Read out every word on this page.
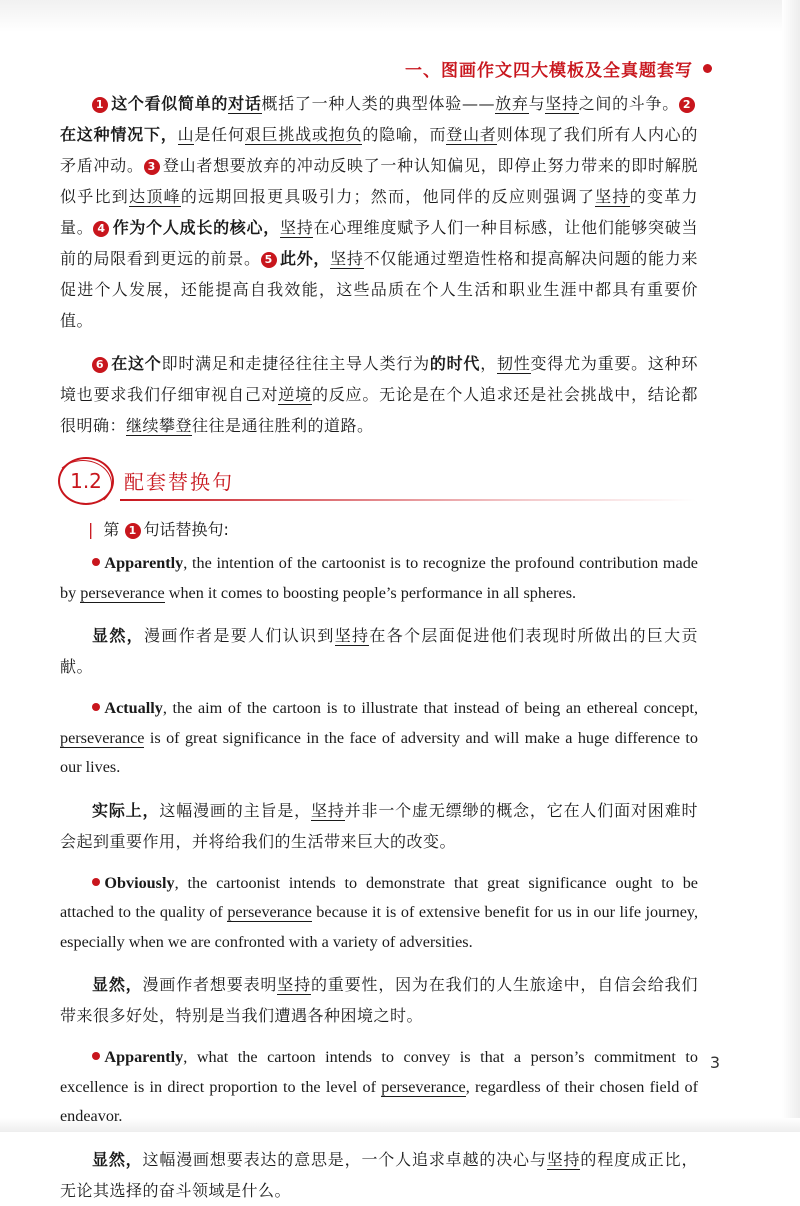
一、图画作文四大模板及全真题套写

1 这个看似简单的对话概括了一种人类的典型体验——放弃与坚持之间的斗争。 2在这种情况下，山是任何艰巨挑战或抱负的隐喻，而登山者则体现了我们所有人内心的矛盾冲动。 3 登山者想要放弃的冲动反映了一种认知偏见，即停止努力带来的即时解脱似乎比到达顶峰的远期回报更具吸引力；然而，他同伴的反应则强调了坚持的变革力量。 4 作为个人成长的核心，坚持在心理维度赋予人们一种目标感，让他们能够突破当前的局限看到更远的前景。 5 此外，坚持不仅能通过塑造性格和提高解决问题的能力来促进个人发展，还能提高自我效能，这些品质在个人生活和职业生涯中都具有重要价值。

6 在这个即时满足和走捷径往往主导人类行为的时代，韧性变得尤为重要。这种环境也要求我们仔细审视自己对逆境的反应。无论是在个人追求还是社会挑战中，结论都很明确：继续攀登往往是通往胜利的道路。

1.2 配套替换句
| 第 1 句话替换句:

Apparently, the intention of the cartoonist is to recognize the profound contribution made by perseverance when it comes to boosting people’s performance in all spheres.

显然，漫画作者是要人们认识到坚持在各个层面促进他们表现时所做出的巨大贡献。

Actually, the aim of the cartoon is to illustrate that instead of being an ethereal concept, perseverance is of great significance in the face of adversity and will make a huge difference to our lives.

实际上，这幅漫画的主旨是，坚持并非一个虚无缥缈的概念，它在人们面对困难时会起到重要作用，并将给我们的生活带来巨大的改变。

Obviously, the cartoonist intends to demonstrate that great significance ought to be attached to the quality of perseverance because it is of extensive benefit for us in our life journey, especially when we are confronted with a variety of adversities.

显然，漫画作者想要表明坚持的重要性，因为在我们的人生旅途中，自信会给我们带来很多好处，特别是当我们遭遇各种困境之时。

Apparently, what the cartoon intends to convey is that a person’s commitment to excellence is in direct proportion to the level of perseverance, regardless of their chosen field of endeavor.

显然，这幅漫画想要表达的意思是，一个人追求卓越的决心与坚持的程度成正比，无论其选择的奋斗领域是什么。

3
